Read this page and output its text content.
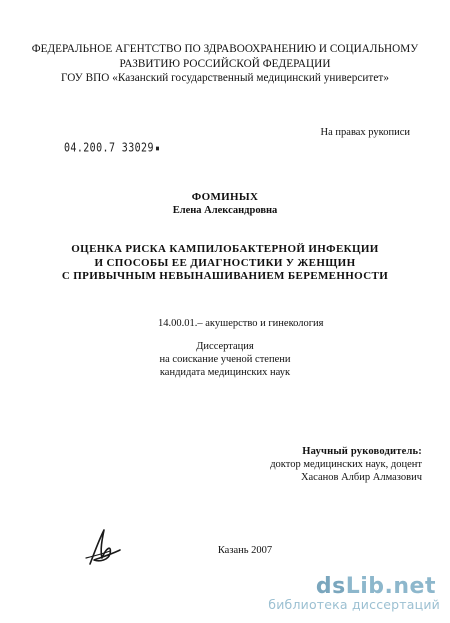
ФЕДЕРАЛЬНОЕ АГЕНТСТВО ПО ЗДРАВООХРАНЕНИЮ И СОЦИАЛЬНОМУ
РАЗВИТИЮ РОССИЙСКОЙ ФЕДЕРАЦИИ
ГОУ ВПО «Казанский государственный медицинский университет»
На правах рукописи
04.200.7 33029
ФОМИНЫХ
Елена Александровна
ОЦЕНКА РИСКА КАМПИЛОБАКТЕРНОЙ ИНФЕКЦИИ
И СПОСОБЫ ЕЕ ДИАГНОСТИКИ У ЖЕНЩИН
С ПРИВЫЧНЫМ НЕВЫНАШИВАНИЕМ БЕРЕМЕННОСТИ
14.00.01.– акушерство и гинекология
Диссертация
на соискание ученой степени
кандидата медицинских наук
Научный руководитель:
доктор медицинских наук, доцент
Хасанов Албир Алмазович
Казань 2007
dsLib.net
библиотека диссертаций
